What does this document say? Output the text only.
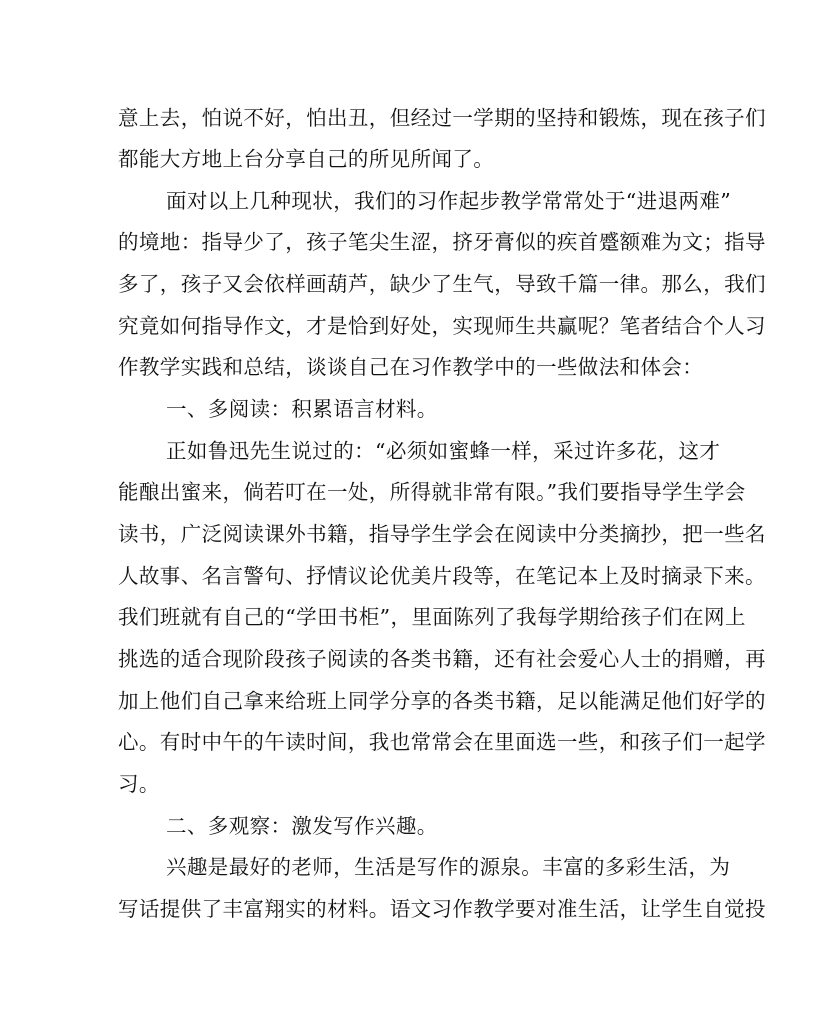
意上去，怕说不好，怕出丑，但经过一学期的坚持和锻炼，现在孩子们
都能大方地上台分享自己的所见所闻了。
面对以上几种现状，我们的习作起步教学常常处于“进退两难”
的境地：指导少了，孩子笔尖生涩，挤牙膏似的疾首蹙额难为文；指导
多了，孩子又会依样画葫芦，缺少了生气，导致千篇一律。那么，我们
究竟如何指导作文，才是恰到好处，实现师生共赢呢？笔者结合个人习
作教学实践和总结，谈谈自己在习作教学中的一些做法和体会：
一、多阅读：积累语言材料。
正如鲁迅先生说过的：“必须如蜜蜂一样，采过许多花，这才
能酿出蜜来，倘若叮在一处，所得就非常有限。”我们要指导学生学会
读书，广泛阅读课外书籍，指导学生学会在阅读中分类摘抄，把一些名
人故事、名言警句、抒情议论优美片段等，在笔记本上及时摘录下来。
我们班就有自己的“学田书柜”，里面陈列了我每学期给孩子们在网上
挑选的适合现阶段孩子阅读的各类书籍，还有社会爱心人士的捐赠，再
加上他们自己拿来给班上同学分享的各类书籍，足以能满足他们好学的
心。有时中午的午读时间，我也常常会在里面选一些，和孩子们一起学
习。
二、多观察：激发写作兴趣。
兴趣是最好的老师，生活是写作的源泉。丰富的多彩生活，为
写话提供了丰富翔实的材料。语文习作教学要对准生活，让学生自觉投
